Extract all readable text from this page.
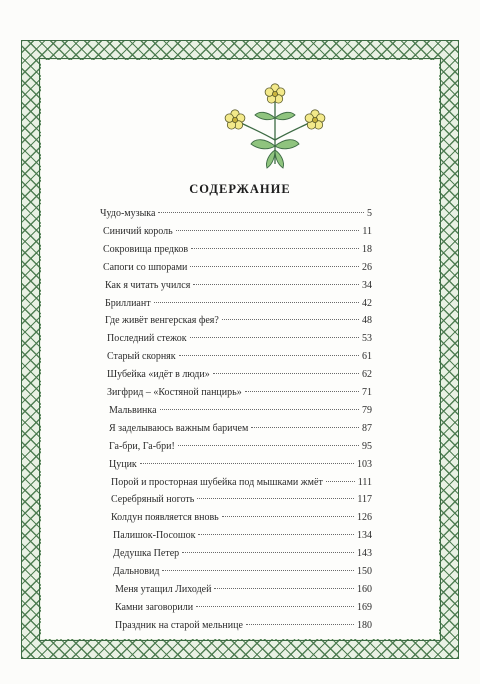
СОДЕРЖАНИЕ
Чудо-музыка	5
Синичий король	11
Сокровища предков	18
Сапоги со шпорами	26
Как я читать учился	34
Бриллиант	42
Где живёт венгерская фея?	48
Последний стежок	53
Старый скорняк	61
Шубейка «идёт в люди»	62
Зигфрид – «Костяной панцирь»	71
Мальвинка	79
Я заделываюсь важным баричем	87
Га-бри, Га-бри!	95
Цуцик	103
Порой и просторная шубейка под мышками жмёт	111
Серебряный ноготь	117
Колдун появляется вновь	126
Палишок-Посошок	134
Дедушка Петер	143
Дальновид	150
Меня утащил Лиходей	160
Камни заговорили	169
Праздник на старой мельнице	180
